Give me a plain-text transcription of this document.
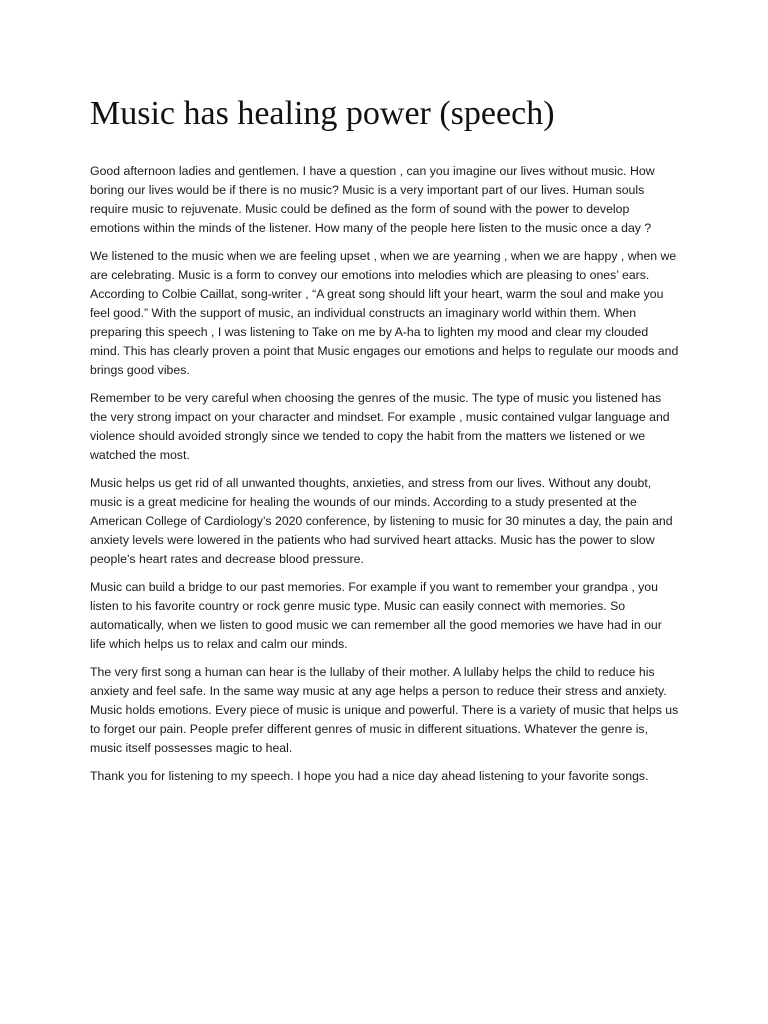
Music has healing power (speech)

Good afternoon ladies and gentlemen. I have a question , can you imagine our lives without music. How boring our lives would be if there is no music? Music is a very important part of our lives. Human souls require music to rejuvenate. Music could be defined as the form of sound with the power to develop emotions within the minds of the listener. How many of the people here listen to the music once a day ?

We listened to the music when we are feeling upset , when we are yearning , when we are happy , when we are celebrating. Music is a form to convey our emotions into melodies which are pleasing to ones’ ears. According to Colbie Caillat, song-writer , “A great song should lift your heart, warm the soul and make you feel good.” With the support of music, an individual constructs an imaginary world within them. When preparing this speech , I was listening to Take on me by A-ha to lighten my mood and clear my clouded mind. This has clearly proven a point that Music engages our emotions and helps to regulate our moods and brings good vibes.

Remember to be very careful when choosing the genres of the music. The type of music you listened has the very strong impact on your character and mindset. For example , music contained vulgar language and violence should avoided strongly since we tended to copy the habit from the matters we listened or we watched the most.

Music helps us get rid of all unwanted thoughts, anxieties, and stress from our lives. Without any doubt, music is a great medicine for healing the wounds of our minds. According to a study presented at the American College of Cardiology’s 2020 conference, by listening to music for 30 minutes a day, the pain and anxiety levels were lowered in the patients who had survived heart attacks. Music has the power to slow people’s heart rates and decrease blood pressure.

Music can build a bridge to our past memories. For example if you want to remember your grandpa , you listen to his favorite country or rock genre music type. Music can easily connect with memories. So automatically, when we listen to good music we can remember all the good memories we have had in our life which helps us to relax and calm our minds.

The very first song a human can hear is the lullaby of their mother. A lullaby helps the child to reduce his anxiety and feel safe. In the same way music at any age helps a person to reduce their stress and anxiety. Music holds emotions. Every piece of music is unique and powerful. There is a variety of music that helps us to forget our pain. People prefer different genres of music in different situations. Whatever the genre is, music itself possesses magic to heal.

Thank you for listening to my speech. I hope you had a nice day ahead listening to your favorite songs.
